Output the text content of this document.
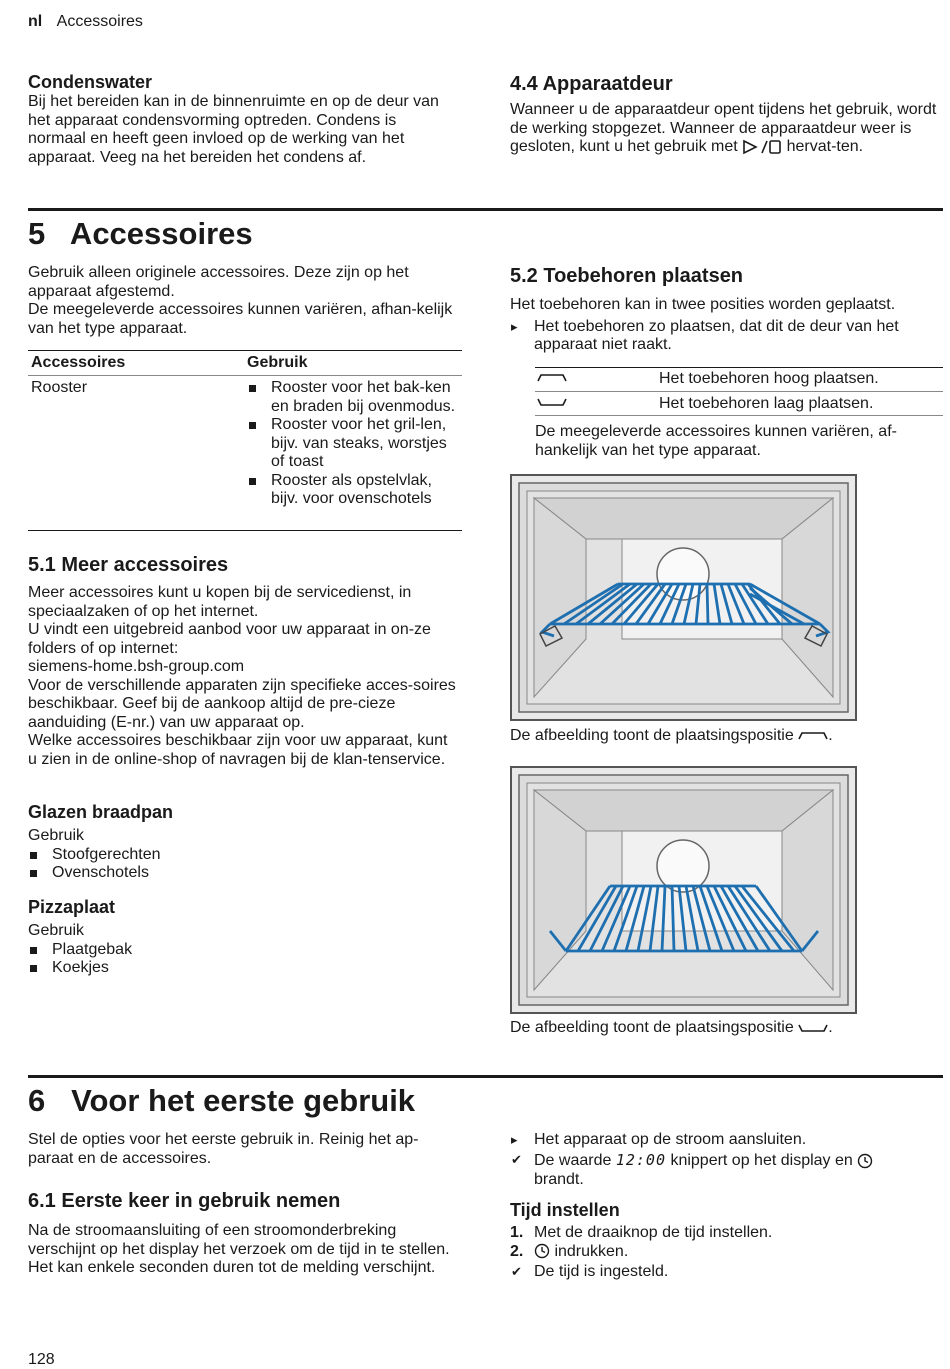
nl Accessoires
Condenswater

Bij het bereiden kan in de binnenruimte en op de deur van het apparaat condensvorming optreden. Condens is normaal en heeft geen invloed op de werking van het apparaat. Veeg na het bereiden het condens af.

4.4 Apparaatdeur

Wanneer u de apparaatdeur opent tijdens het gebruik, wordt de werking stopgezet. Wanneer de apparaatdeur weer is gesloten, kunt u het gebruik met	hervat-ten.

5   Accessoires

Gebruik alleen originele accessoires. Deze zijn op het apparaat afgestemd.
De meegeleverde accessoires kunnen variëren, afhan-kelijk van het type apparaat.

Accessoires	Gebruik
Rooster	Rooster voor het bak-ken en braden bij ovenmodus.
Rooster voor het gril-len, bijv. van steaks, worstjes of toast
Rooster als opstelvlak, bijv. voor ovenschotels
5.1 Meer accessoires

Meer accessoires kunt u kopen bij de servicedienst, in speciaalzaken of op het internet.

U vindt een uitgebreid aanbod voor uw apparaat in on-ze folders of op internet:

siemens-home.bsh-group.com

Voor de verschillende apparaten zijn specifieke acces-soires beschikbaar. Geef bij de aankoop altijd de pre-cieze aanduiding (E-nr.) van uw apparaat op.

Welke accessoires beschikbaar zijn voor uw apparaat, kunt u zien in de online-shop of navragen bij de klan-tenservice.

Glazen braadpan

Gebruik

Stoofgerechten
Ovenschotels
Pizzaplaat

Gebruik

Plaatgebak
Koekjes
5.2 Toebehoren plaatsen

Het toebehoren kan in twee posities worden geplaatst.

▸ Het toebehoren zo plaatsen, dat dit de deur van het apparaat niet raakt.
Het toebehoren hoog plaatsen.
Het toebehoren laag plaatsen.

De meegeleverde accessoires kunnen variëren, af-hankelijk van het type apparaat.

De afbeelding toont de plaatsingspositie .

De afbeelding toont de plaatsingspositie .

6   Voor het eerste gebruik

Stel de opties voor het eerste gebruik in. Reinig het ap-paraat en de accessoires.

6.1 Eerste keer in gebruik nemen

Na de stroomaansluiting of een stroomonderbreking verschijnt op het display het verzoek om de tijd in te stellen. Het kan enkele seconden duren tot de melding verschijnt.

▸ Het apparaat op de stroom aansluiten.
✔ De waarde 12:00 knippert op het display en
brandt.
Tijd instellen
1. Met de draaiknop de tijd instellen.
2. indrukken.
✔ De tijd is ingesteld.
128
